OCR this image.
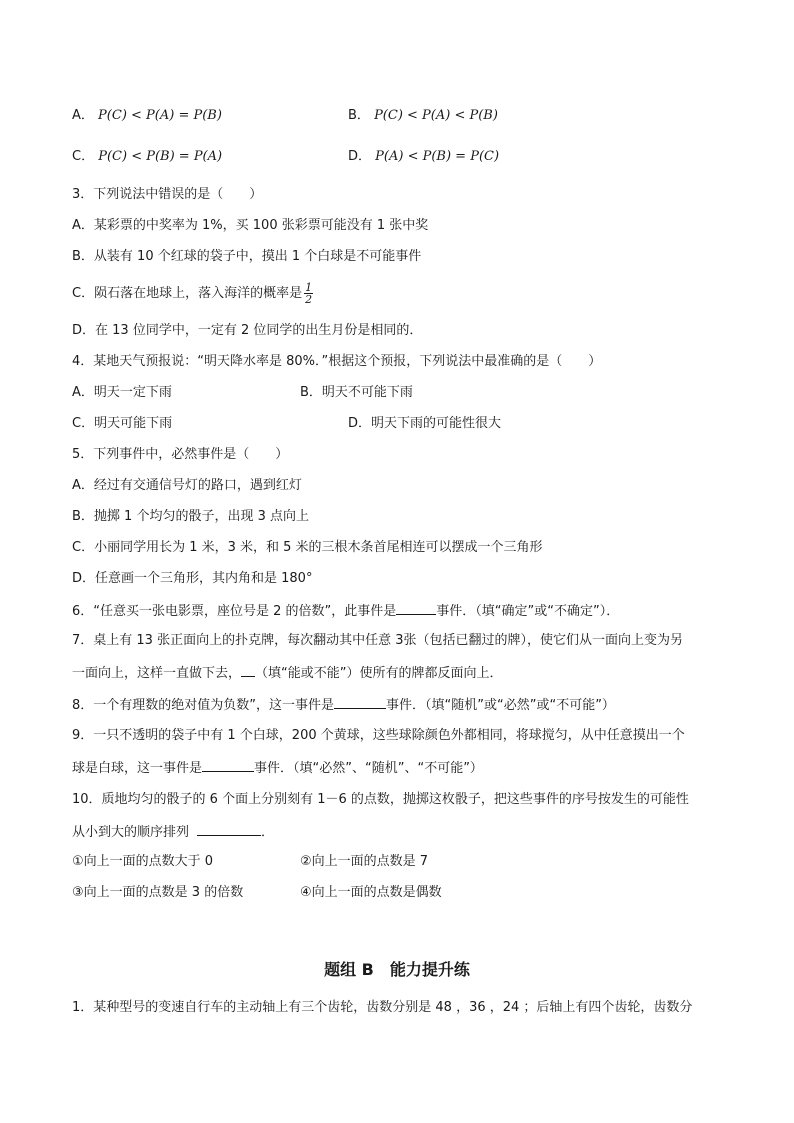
A． P(C) < P(A) = P(B)	B． P(C) < P(A) < P(B)
C． P(C) < P(B) = P(A)	D． P(A) < P(B) = P(C)
3．下列说法中错误的是（　　）
A．某彩票的中奖率为 1%，买 100 张彩票可能没有 1 张中奖
B．从装有 10 个红球的袋子中，摸出 1 个白球是不可能事件
C．陨石落在地球上，落入海洋的概率是 $\frac{1}{2}$
D．在 13 位同学中，一定有 2 位同学的出生月份是相同的．
4．某地天气预报说：“明天降水率是 80%．”根据这个预报，下列说法中最准确的是（　　）
A．明天一定下雨	B．明天不可能下雨
C．明天可能下雨	D．明天下雨的可能性很大
5．下列事件中，必然事件是（　　）
A．经过有交通信号灯的路口，遇到红灯
B．抛掷 1 个均匀的骰子，出现 3 点向上
C．小丽同学用长为 1 米，3 米，和 5 米的三根木条首尾相连可以摆成一个三角形
D．任意画一个三角形，其内角和是 180°
6．“任意买一张电影票，座位号是 2 的倍数”，此事件是	事件．（填“确定”或“不确定”）．
7．桌上有 13 张正面向上的扑克牌，每次翻动其中任意 3张（包括已翻过的牌），使它们从一面向上变为另
一面向上，这样一直做下去， （填“能或不能”）使所有的牌都反面向上．
8．一个有理数的绝对值为负数”，这一事件是	事件．（填“随机”或“必然”或“不可能”）
9．一只不透明的袋子中有 1 个白球，200 个黄球，这些球除颜色外都相同，将球搅匀，从中任意摸出一个
球是白球，这一事件是	事件．（填“必然”、“随机”、“不可能”）
10．质地均匀的骰子的 6 个面上分别刻有 1－6 的点数，抛掷这枚骰子，把这些事件的序号按发生的可能性
从小到大的顺序排列	．
①向上一面的点数大于 0	②向上一面的点数是 7
③向上一面的点数是 3 的倍数	④向上一面的点数是偶数
题组 B　能力提升练
1．某种型号的变速自行车的主动轴上有三个齿轮，齿数分别是 48 ，36 ，24 ；后轴上有四个齿轮，齿数分
